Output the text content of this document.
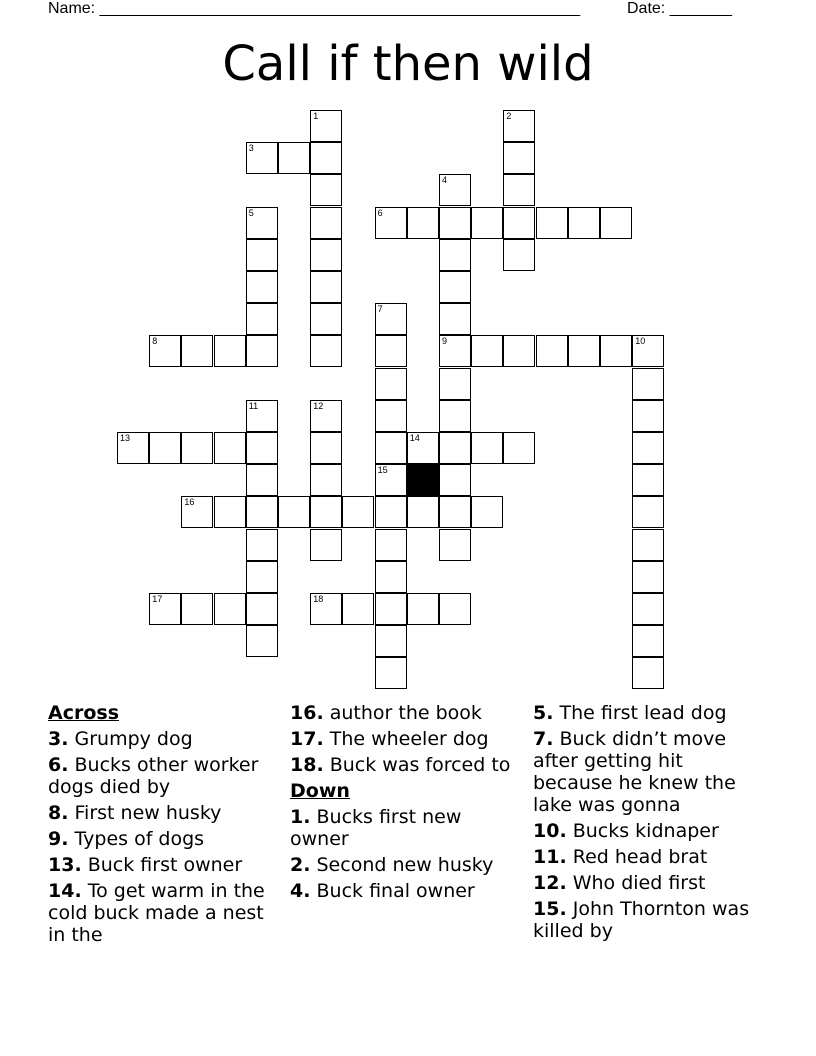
Name: ______________________________________________________	Date: _______
Call if then wild
1	2
4
9
5
7
10
11	12
15
3
6
8
13	14
16
17	18
Across
3. Grumpy dog
6. Bucks other worker dogs died by
8. First new husky
9. Types of dogs
13. Buck first owner
14. To get warm in the cold buck made a nest in the
16. author the book
17. The wheeler dog
18. Buck was forced to
Down
1. Bucks first new owner
2. Second new husky
4. Buck final owner
5. The first lead dog
7. Buck didn’t move after getting hit because he knew the lake was gonna
10. Bucks kidnaper
11. Red head brat
12. Who died first
15. John Thornton was killed by
